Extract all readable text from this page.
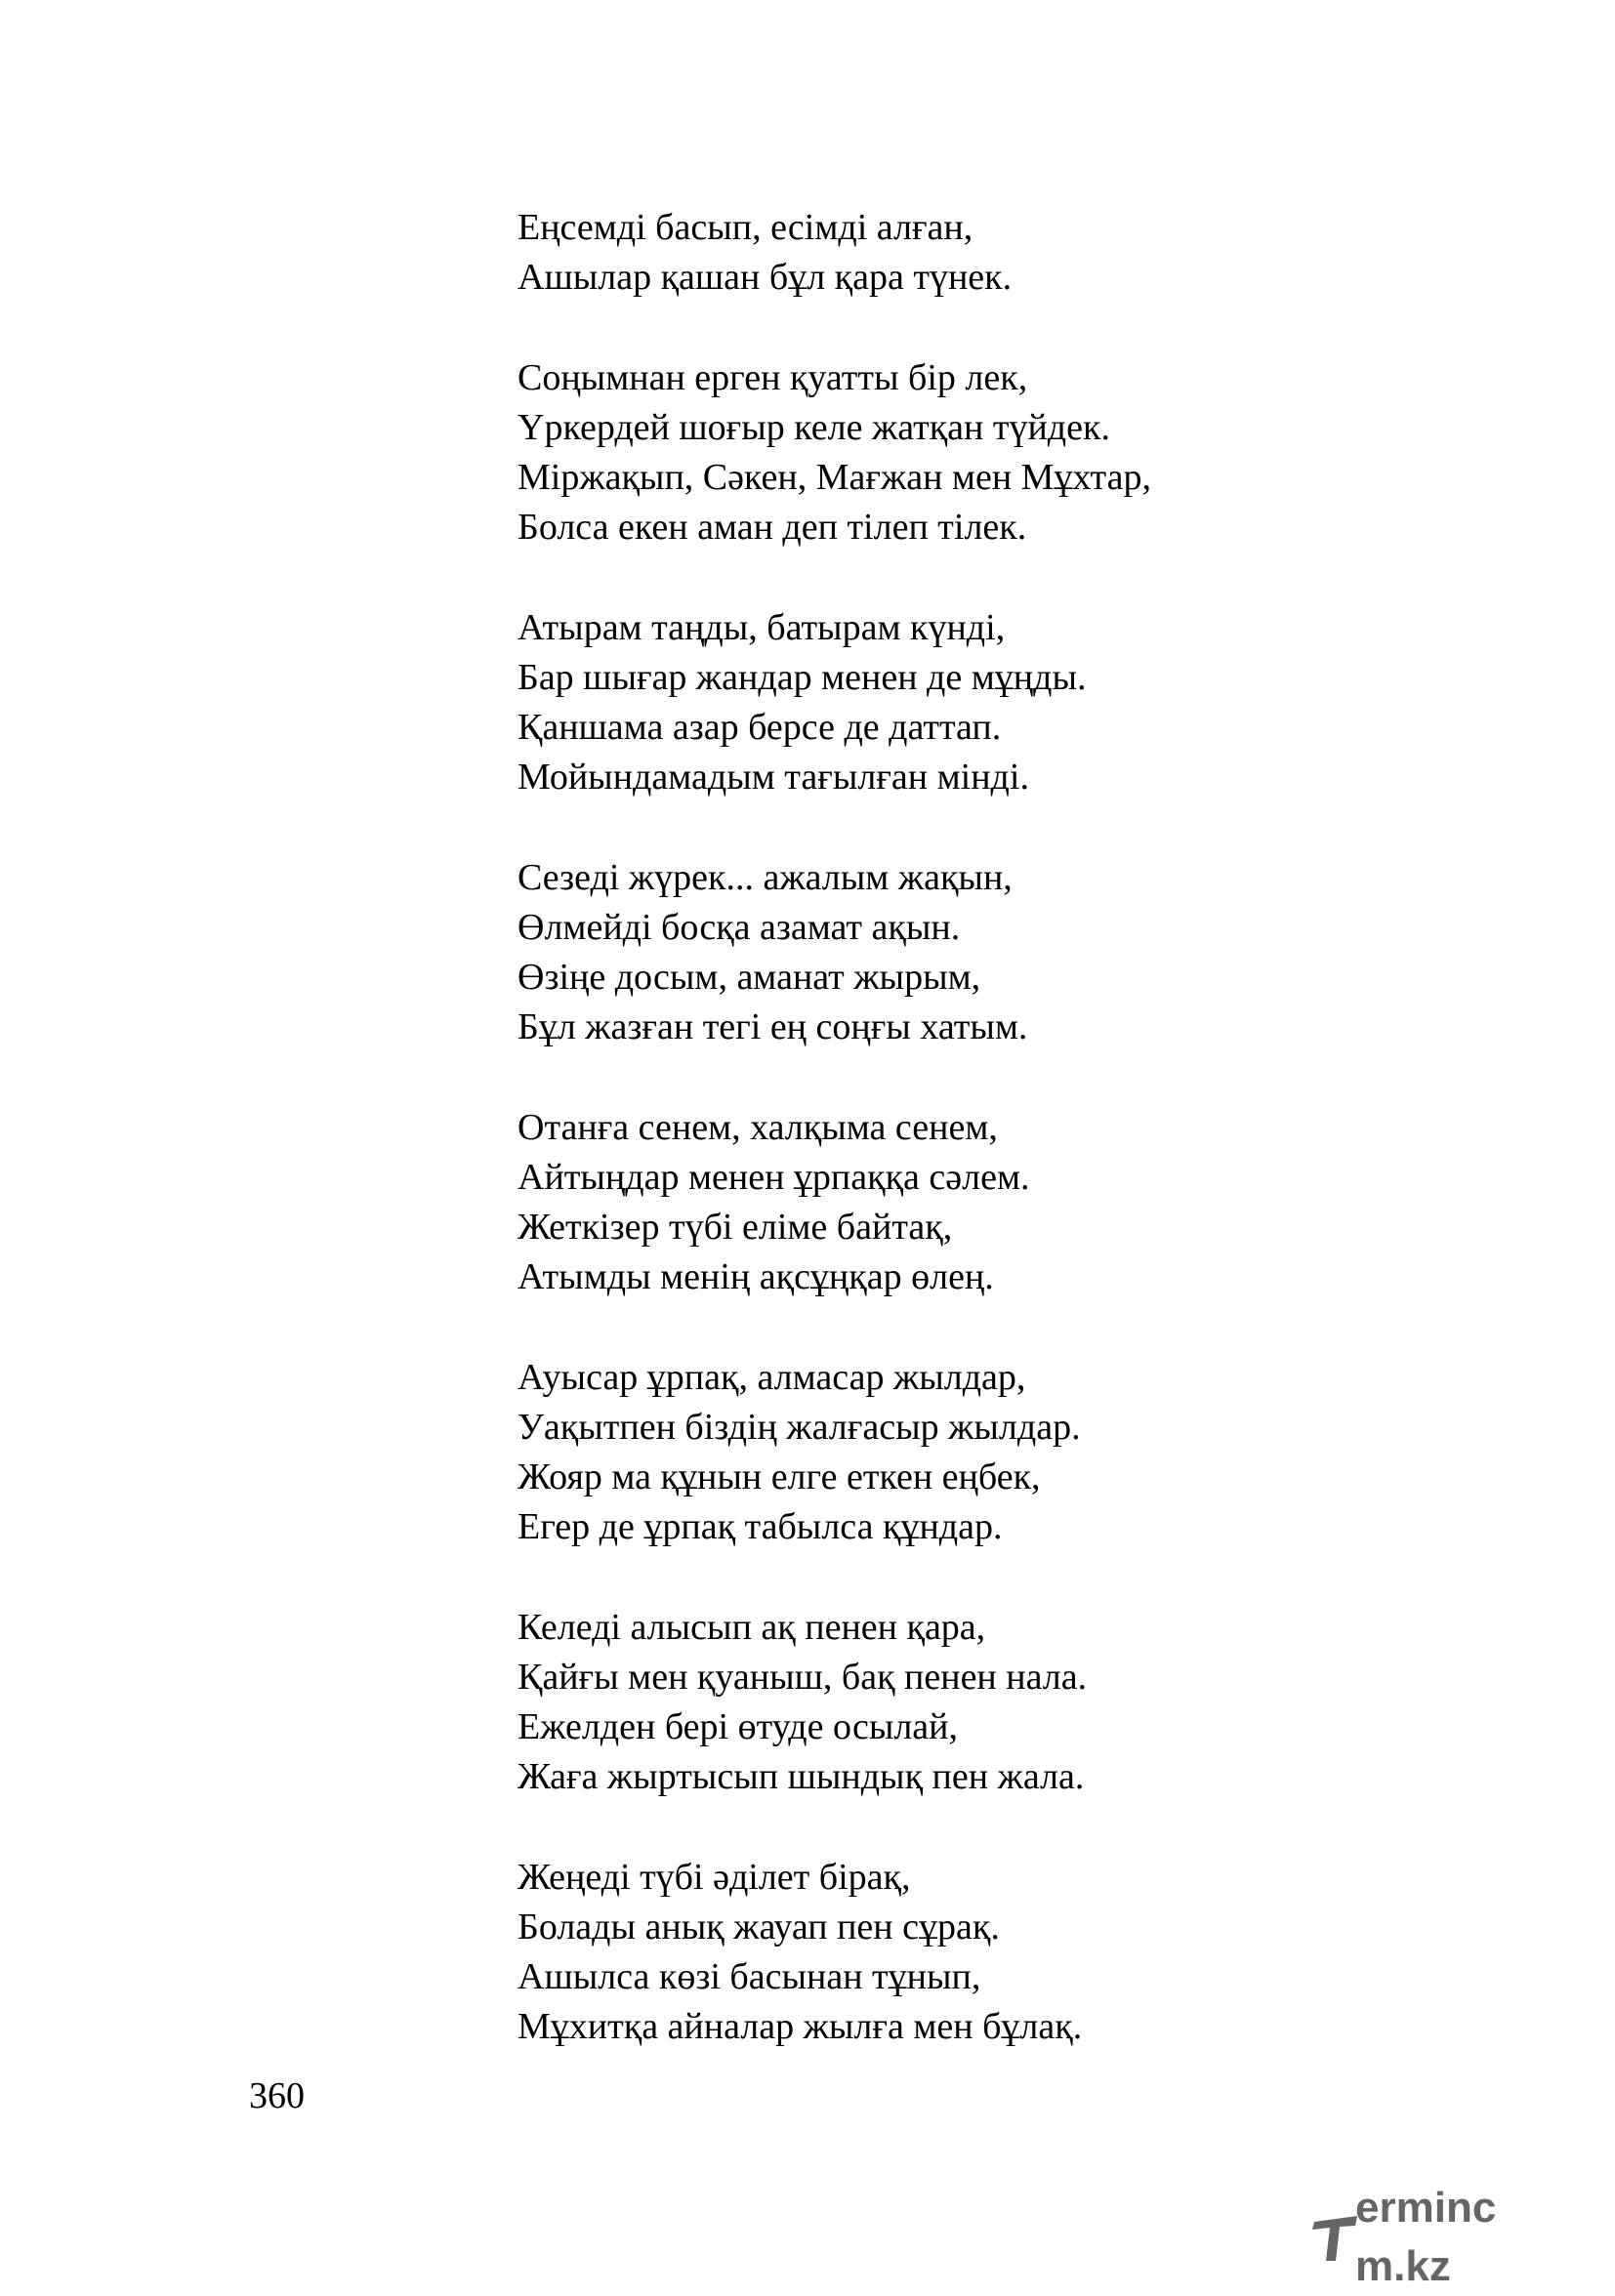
Еңсемді басып, есімді алған,
Ашылар қашан бұл қара түнек.
Соңымнан ерген қуатты бір лек,
Үркердей шоғыр келе жатқан түйдек.
Міржақып, Сәкен, Мағжан мен Мұхтар,
Болса екен аман деп тілеп тілек.
Атырам таңды, батырам күнді,
Бар шығар жандар менен де мұңды.
Қаншама азар берсе де даттап.
Мойындамадым тағылған мінді.
Сезеді жүрек... ажалым жақын,
Өлмейді босқа азамат ақын.
Өзіңе досым, аманат жырым,
Бұл жазған тегі ең соңғы хатым.
Отанға сенем, халқыма сенем,
Айтыңдар менен ұрпаққа сәлем.
Жеткізер түбі еліме байтақ,
Атымды менің ақсұңқар өлең.
Ауысар ұрпақ, алмасар жылдар,
Уақытпен біздің жалғасыр жылдар.
Жояр ма құнын елге еткен еңбек,
Егер де ұрпақ табылса құндар.
Келеді алысып ақ пенен қара,
Қайғы мен қуаныш, бақ пенен нала.
Ежелден бері өтуде осылай,
Жаға жыртысып шындық пен жала.
Жеңеді түбі әділет бірақ,
Болады анық жауап пен сұрақ.
Ашылса көзі басынан тұнып,
Мұхитқа айналар жылға мен бұлақ.
360
erminc m.kz
